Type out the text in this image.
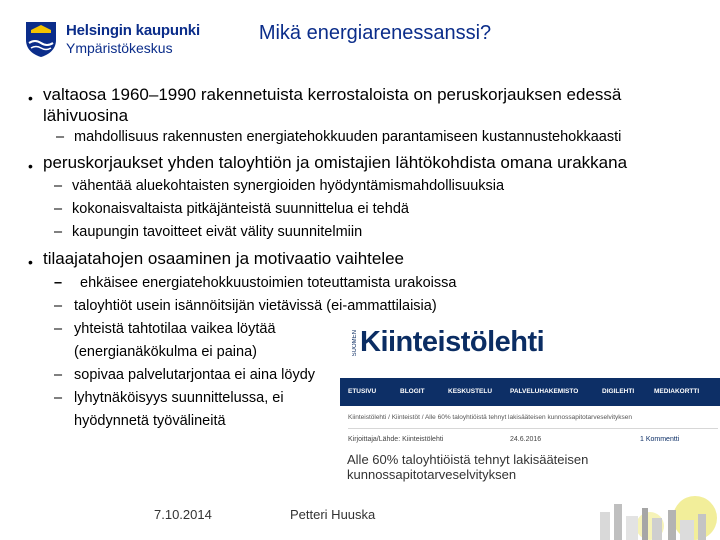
Helsingin kaupunki
Ympäristökeskus
Mikä energiarenessanssi?
• valtaosa 1960–1990 rakennetuista kerrostaloista on peruskorjauksen edessä
lähivuosina
– mahdollisuus rakennusten energiatehokkuuden parantamiseen kustannustehokkaasti
• peruskorjaukset yhden taloyhtiön ja omistajien lähtökohdista omana urakkana
– vähentää aluekohtaisten synergioiden hyödyntämismahdollisuuksia
– kokonaisvaltaista pitkäjänteistä suunnittelua ei tehdä
– kaupungin tavoitteet eivät välity suunnitelmiin
• tilaajatahojen osaaminen ja motivaatio vaihtelee
– ehkäisee energiatehokkuustoimien toteuttamista urakoissa
– taloyhtiöt usein isännöitsijän vietävissä (ei-ammattilaisia)
– yhteistä tahtotilaa vaikea löytää
(energianäkökulma ei paina)
– sopivaa palvelutarjontaa ei aina löydy
– lyhytnäköisyys suunnittelussa, ei
hyödynnetä työvälineitä
SUOMEN Kiinteistölehti
ETUSIVU	BLOGIT	KESKUSTELU	PALVELUHAKEMISTO	DIGILEHTI	MEDIAKORTTI
Kiinteistölehti / Kiinteistöt / Alle 60% taloyhtiöistä tehnyt lakisääteisen kunnossapitotarveselvityksen
Kirjoittaja/Lähde: Kiinteistölehti	24.6.2016	1 Kommentti
Alle 60% taloyhtiöistä tehnyt lakisääteisen kunnossapitotarveselvityksen
7.10.2014	Petteri Huuska
